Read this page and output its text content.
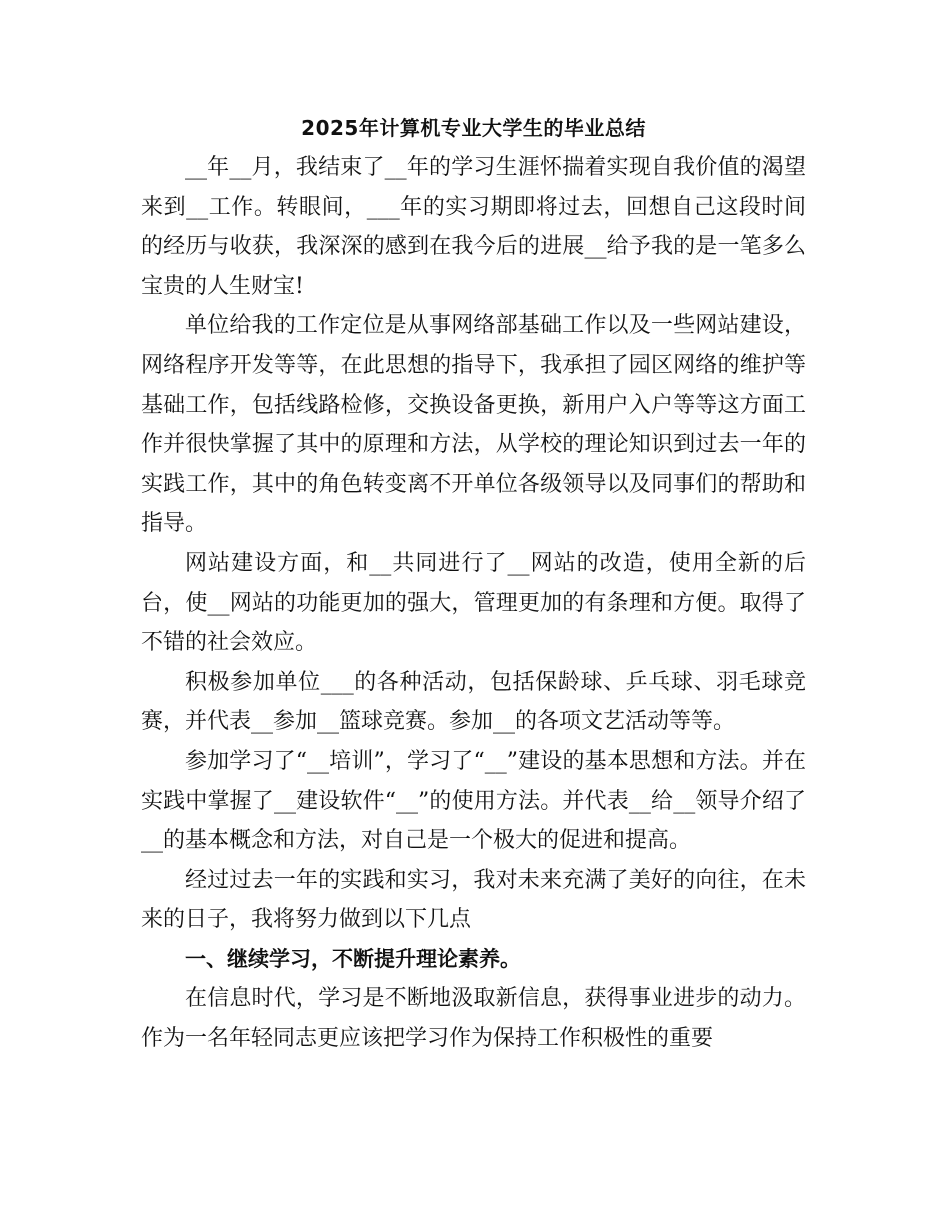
2025年计算机专业大学生的毕业总结

__年__月，我结束了__年的学习生涯怀揣着实现自我价值的渴望来到__工作。转眼间，___年的实习期即将过去，回想自己这段时间的经历与收获，我深深的感到在我今后的进展__给予我的是一笔多么宝贵的人生财宝!

单位给我的工作定位是从事网络部基础工作以及一些网站建设，网络程序开发等等，在此思想的指导下，我承担了园区网络的维护等基础工作，包括线路检修，交换设备更换，新用户入户等等这方面工作并很快掌握了其中的原理和方法，从学校的理论知识到过去一年的实践工作，其中的角色转变离不开单位各级领导以及同事们的帮助和指导。

网站建设方面，和__共同进行了__网站的改造，使用全新的后台，使__网站的功能更加的强大，管理更加的有条理和方便。取得了不错的社会效应。

积极参加单位___的各种活动，包括保龄球、乒乓球、羽毛球竞赛，并代表__参加__篮球竞赛。参加__的各项文艺活动等等。

参加学习了“__培训”，学习了“__”建设的基本思想和方法。并在实践中掌握了__建设软件“__”的使用方法。并代表__给__领导介绍了__的基本概念和方法，对自己是一个极大的促进和提高。

经过过去一年的实践和实习，我对未来充满了美好的向往，在未来的日子，我将努力做到以下几点

一、继续学习，不断提升理论素养。

在信息时代，学习是不断地汲取新信息，获得事业进步的动力。作为一名年轻同志更应该把学习作为保持工作积极性的重要
